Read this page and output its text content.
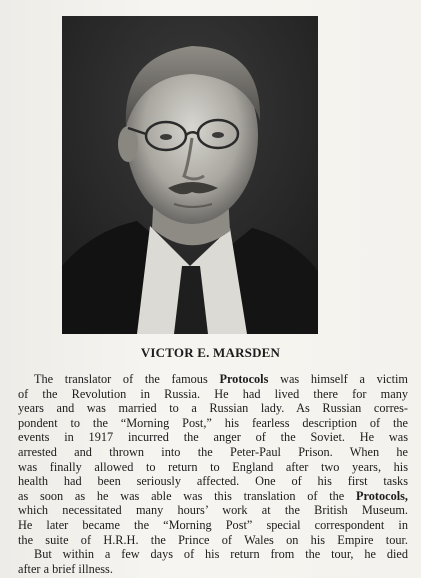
VICTOR E. MARSDEN
The translator of the famous Protocols was himself a victim
of the Revolution in Russia. He had lived there for many
years and was married to a Russian lady. As Russian corres-
pondent to the “Morning Post,” his fearless description of the
events in 1917 incurred the anger of the Soviet. He was
arrested and thrown into the Peter-Paul Prison. When he
was finally allowed to return to England after two years, his
health had been seriously affected. One of his first tasks
as soon as he was able was this translation of the Protocols,
which necessitated many hours’ work at the British Museum.
He later became the “Morning Post” special correspondent in
the suite of H.R.H. the Prince of Wales on his Empire tour.
But within a few days of his return from the tour, he died
after a brief illness.
